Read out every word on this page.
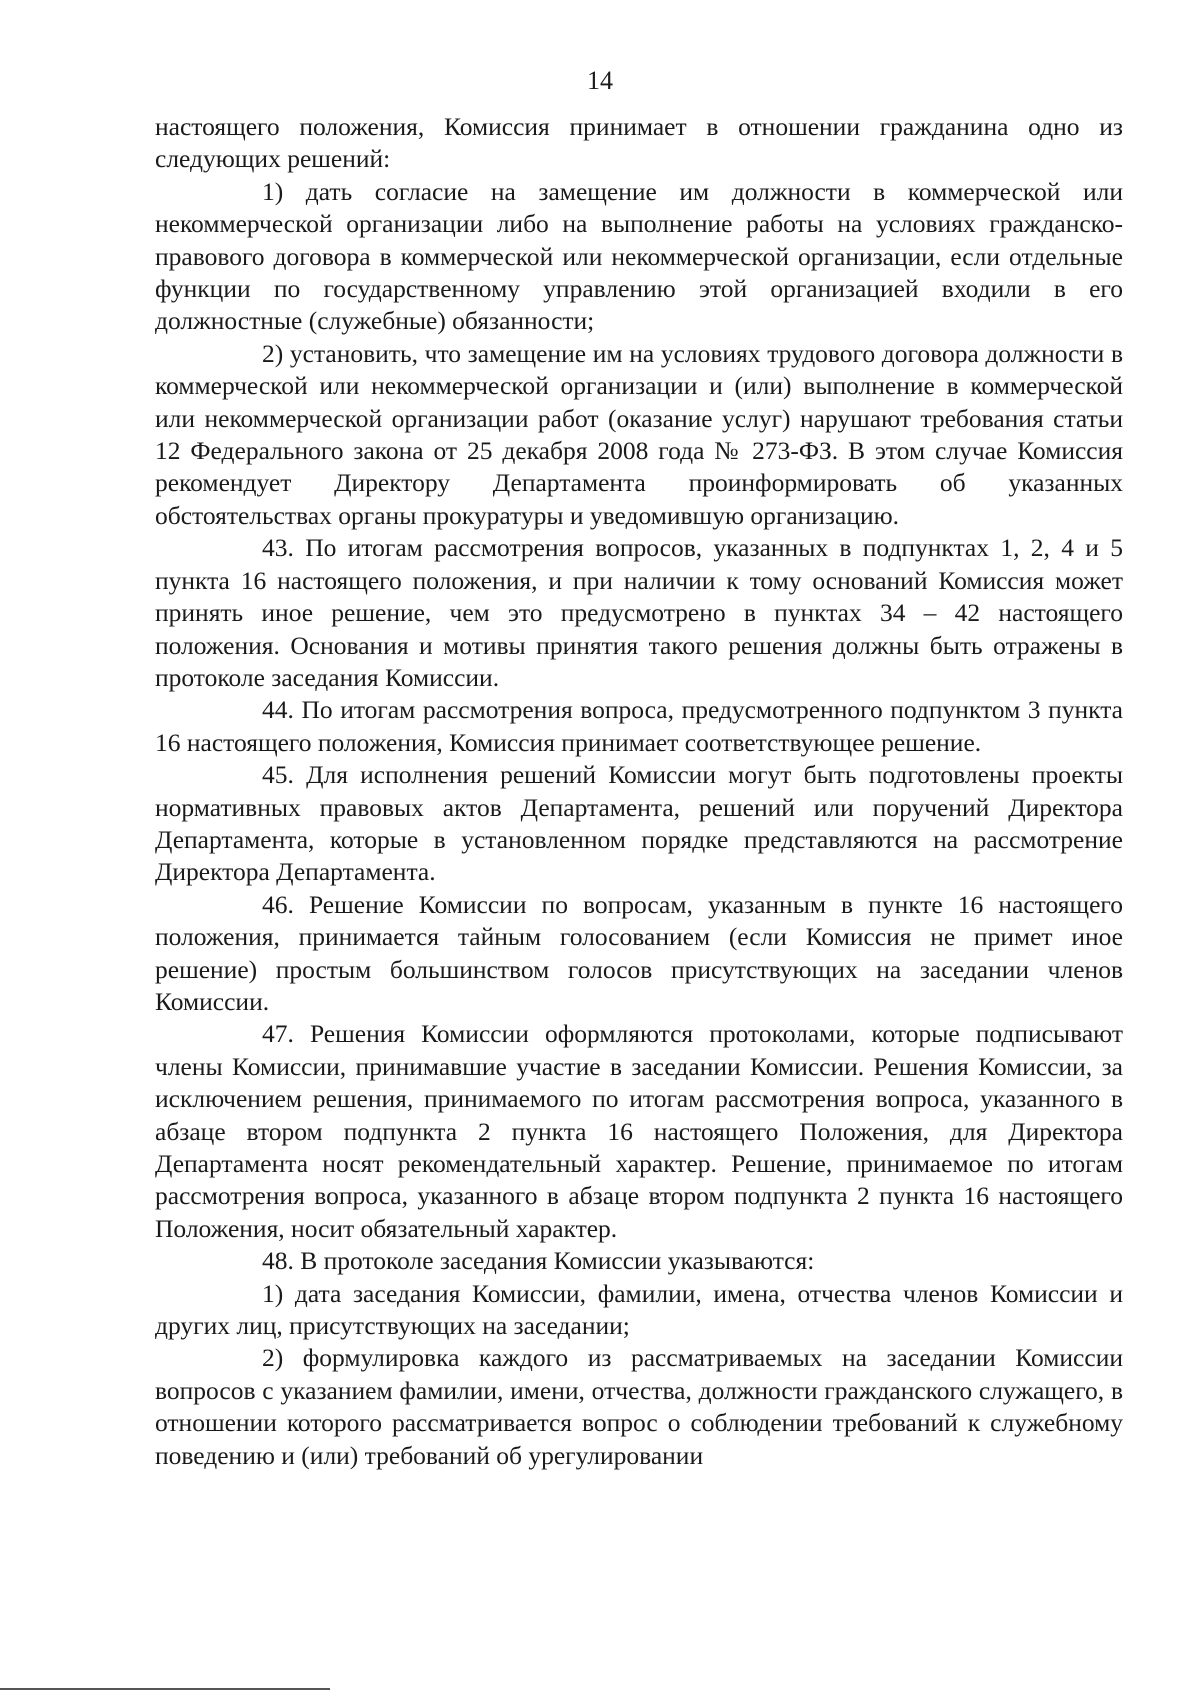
14

настоящего положения, Комиссия принимает в отношении гражданина одно из следующих решений:

1) дать согласие на замещение им должности в коммерческой или некоммерческой организации либо на выполнение работы на условиях гражданско-правового договора в коммерческой или некоммерческой организации, если отдельные функции по государственному управлению этой организацией входили в его должностные (служебные) обязанности;

2) установить, что замещение им на условиях трудового договора должности в коммерческой или некоммерческой организации и (или) выполнение в коммерческой или некоммерческой организации работ (оказание услуг) нарушают требования статьи 12 Федерального закона от 25 декабря 2008 года № 273-ФЗ. В этом случае Комиссия рекомендует Директору Департамента проинформировать об указанных обстоятельствах органы прокуратуры и уведомившую организацию.

43. По итогам рассмотрения вопросов, указанных в подпунктах 1, 2, 4 и 5 пункта 16 настоящего положения, и при наличии к тому оснований Комиссия может принять иное решение, чем это предусмотрено в пунктах 34 – 42 настоящего положения. Основания и мотивы принятия такого решения должны быть отражены в протоколе заседания Комиссии.

44. По итогам рассмотрения вопроса, предусмотренного подпунктом 3 пункта 16 настоящего положения, Комиссия принимает соответствующее решение.

45. Для исполнения решений Комиссии могут быть подготовлены проекты нормативных правовых актов Департамента, решений или поручений Директора Департамента, которые в установленном порядке представляются на рассмотрение Директора Департамента.

46. Решение Комиссии по вопросам, указанным в пункте 16 настоящего положения, принимается тайным голосованием (если Комиссия не примет иное решение) простым большинством голосов присутствующих на заседании членов Комиссии.

47. Решения Комиссии оформляются протоколами, которые подписывают члены Комиссии, принимавшие участие в заседании Комиссии. Решения Комиссии, за исключением решения, принимаемого по итогам рассмотрения вопроса, указанного в абзаце втором подпункта 2 пункта 16 настоящего Положения, для Директора Департамента носят рекомендательный характер. Решение, принимаемое по итогам рассмотрения вопроса, указанного в абзаце втором подпункта 2 пункта 16 настоящего Положения, носит обязательный характер.

48. В протоколе заседания Комиссии указываются:

1) дата заседания Комиссии, фамилии, имена, отчества членов Комиссии и других лиц, присутствующих на заседании;

2) формулировка каждого из рассматриваемых на заседании Комиссии вопросов с указанием фамилии, имени, отчества, должности гражданского служащего, в отношении которого рассматривается вопрос о соблюдении требований к служебному поведению и (или) требований об урегулировании
